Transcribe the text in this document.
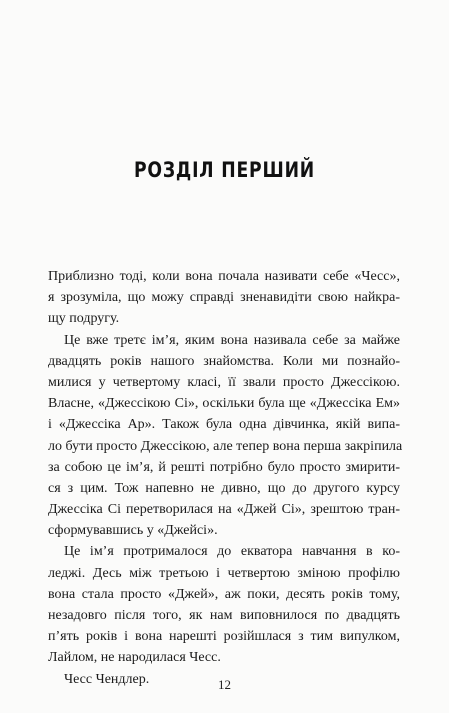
РОЗДІЛ ПЕРШИЙ
Приблизно тоді, коли вона почала називати себе «Чесс»,
я зрозуміла, що можу справді зненавидіти свою найкра-
щу подругу.
Це вже третє ім’я, яким вона називала себе за майже
двадцять років нашого знайомства. Коли ми познайо-
милися у четвертому класі, її звали просто Джессікою.
Власне, «Джессікою Сі», оскільки була ще «Джессіка Ем»
і «Джессіка Ар». Також була одна дівчинка, якій випа-
ло бути просто Джессікою, але тепер вона перша закріпила
за собою це ім’я, й решті потрібно було просто змирити-
ся з цим. Тож напевно не дивно, що до другого курсу
Джессіка Сі перетворилася на «Джей Сі», зрештою тран-
сформувавшись у «Джейсі».
Це ім’я протрималося до екватора навчання в ко-
леджі. Десь між третьою і четвертою зміною профілю
вона стала просто «Джей», аж поки, десять років тому,
незадовго після того, як нам виповнилося по двадцять
п’ять років і вона нарешті розійшлася з тим випулком,
Лайлом, не народилася Чесс.
Чесс Чендлер.	12
